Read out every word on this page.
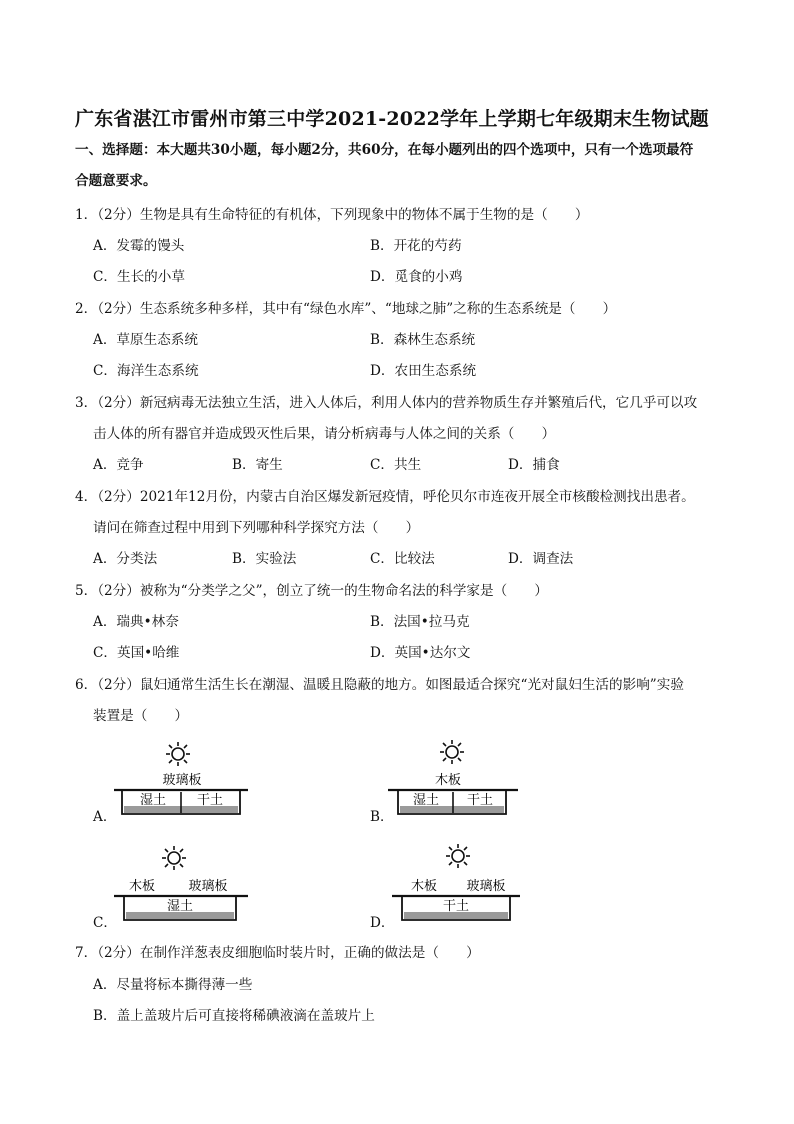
广东省湛江市雷州市第三中学2021-2022学年上学期七年级期末生物试题
一、选择题：本大题共30小题，每小题2分，共60分，在每小题列出的四个选项中，只有一个选项最符
合题意要求。
1．（2分）生物是具有生命特征的有机体，下列现象中的物体不属于生物的是（　　）
A．发霉的馒头	B．开花的芍药
C．生长的小草	D．觅食的小鸡
2．（2分）生态系统多种多样，其中有“绿色水库”、“地球之肺”之称的生态系统是（　　）
A．草原生态系统	B．森林生态系统
C．海洋生态系统	D．农田生态系统
3．（2分）新冠病毒无法独立生活，进入人体后，利用人体内的营养物质生存并繁殖后代，它几乎可以攻
击人体的所有器官并造成毁灭性后果，请分析病毒与人体之间的关系（　　）
A．竞争	B．寄生	C．共生	D．捕食
4．（2分）2021年12月份，内蒙古自治区爆发新冠疫情，呼伦贝尔市连夜开展全市核酸检测找出患者。
请问在筛查过程中用到下列哪种科学探究方法（　　）
A．分类法	B．实验法	C．比较法	D．调查法
5．（2分）被称为“分类学之父”，创立了统一的生物命名法的科学家是（　　）
A．瑞典•林奈	B．法国•拉马克
C．英国•哈维	D．英国•达尔文
6．（2分）鼠妇通常生活生长在潮湿、温暖且隐蔽的地方。如图最适合探究“光对鼠妇生活的影响”实验
装置是（　　）
A．
玻璃板
湿土 干土
B．
木板
湿土 干土
C．
木板	玻璃板
湿土
D．
木板 玻璃板
干土
7．（2分）在制作洋葱表皮细胞临时装片时，正确的做法是（　　）
A．尽量将标本撕得薄一些
B．盖上盖玻片后可直接将稀碘液滴在盖玻片上
